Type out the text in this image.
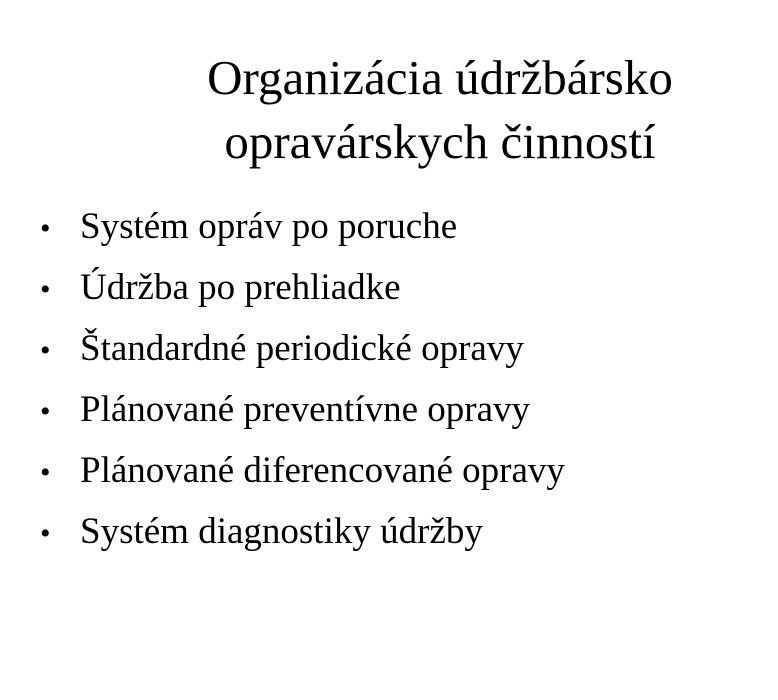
Organizácia údržbársko
opravárskych činností
• Systém opráv po poruche
• Údržba po prehliadke
• Štandardné periodické opravy
• Plánované preventívne opravy
• Plánované diferencované opravy
• Systém diagnostiky údržby
